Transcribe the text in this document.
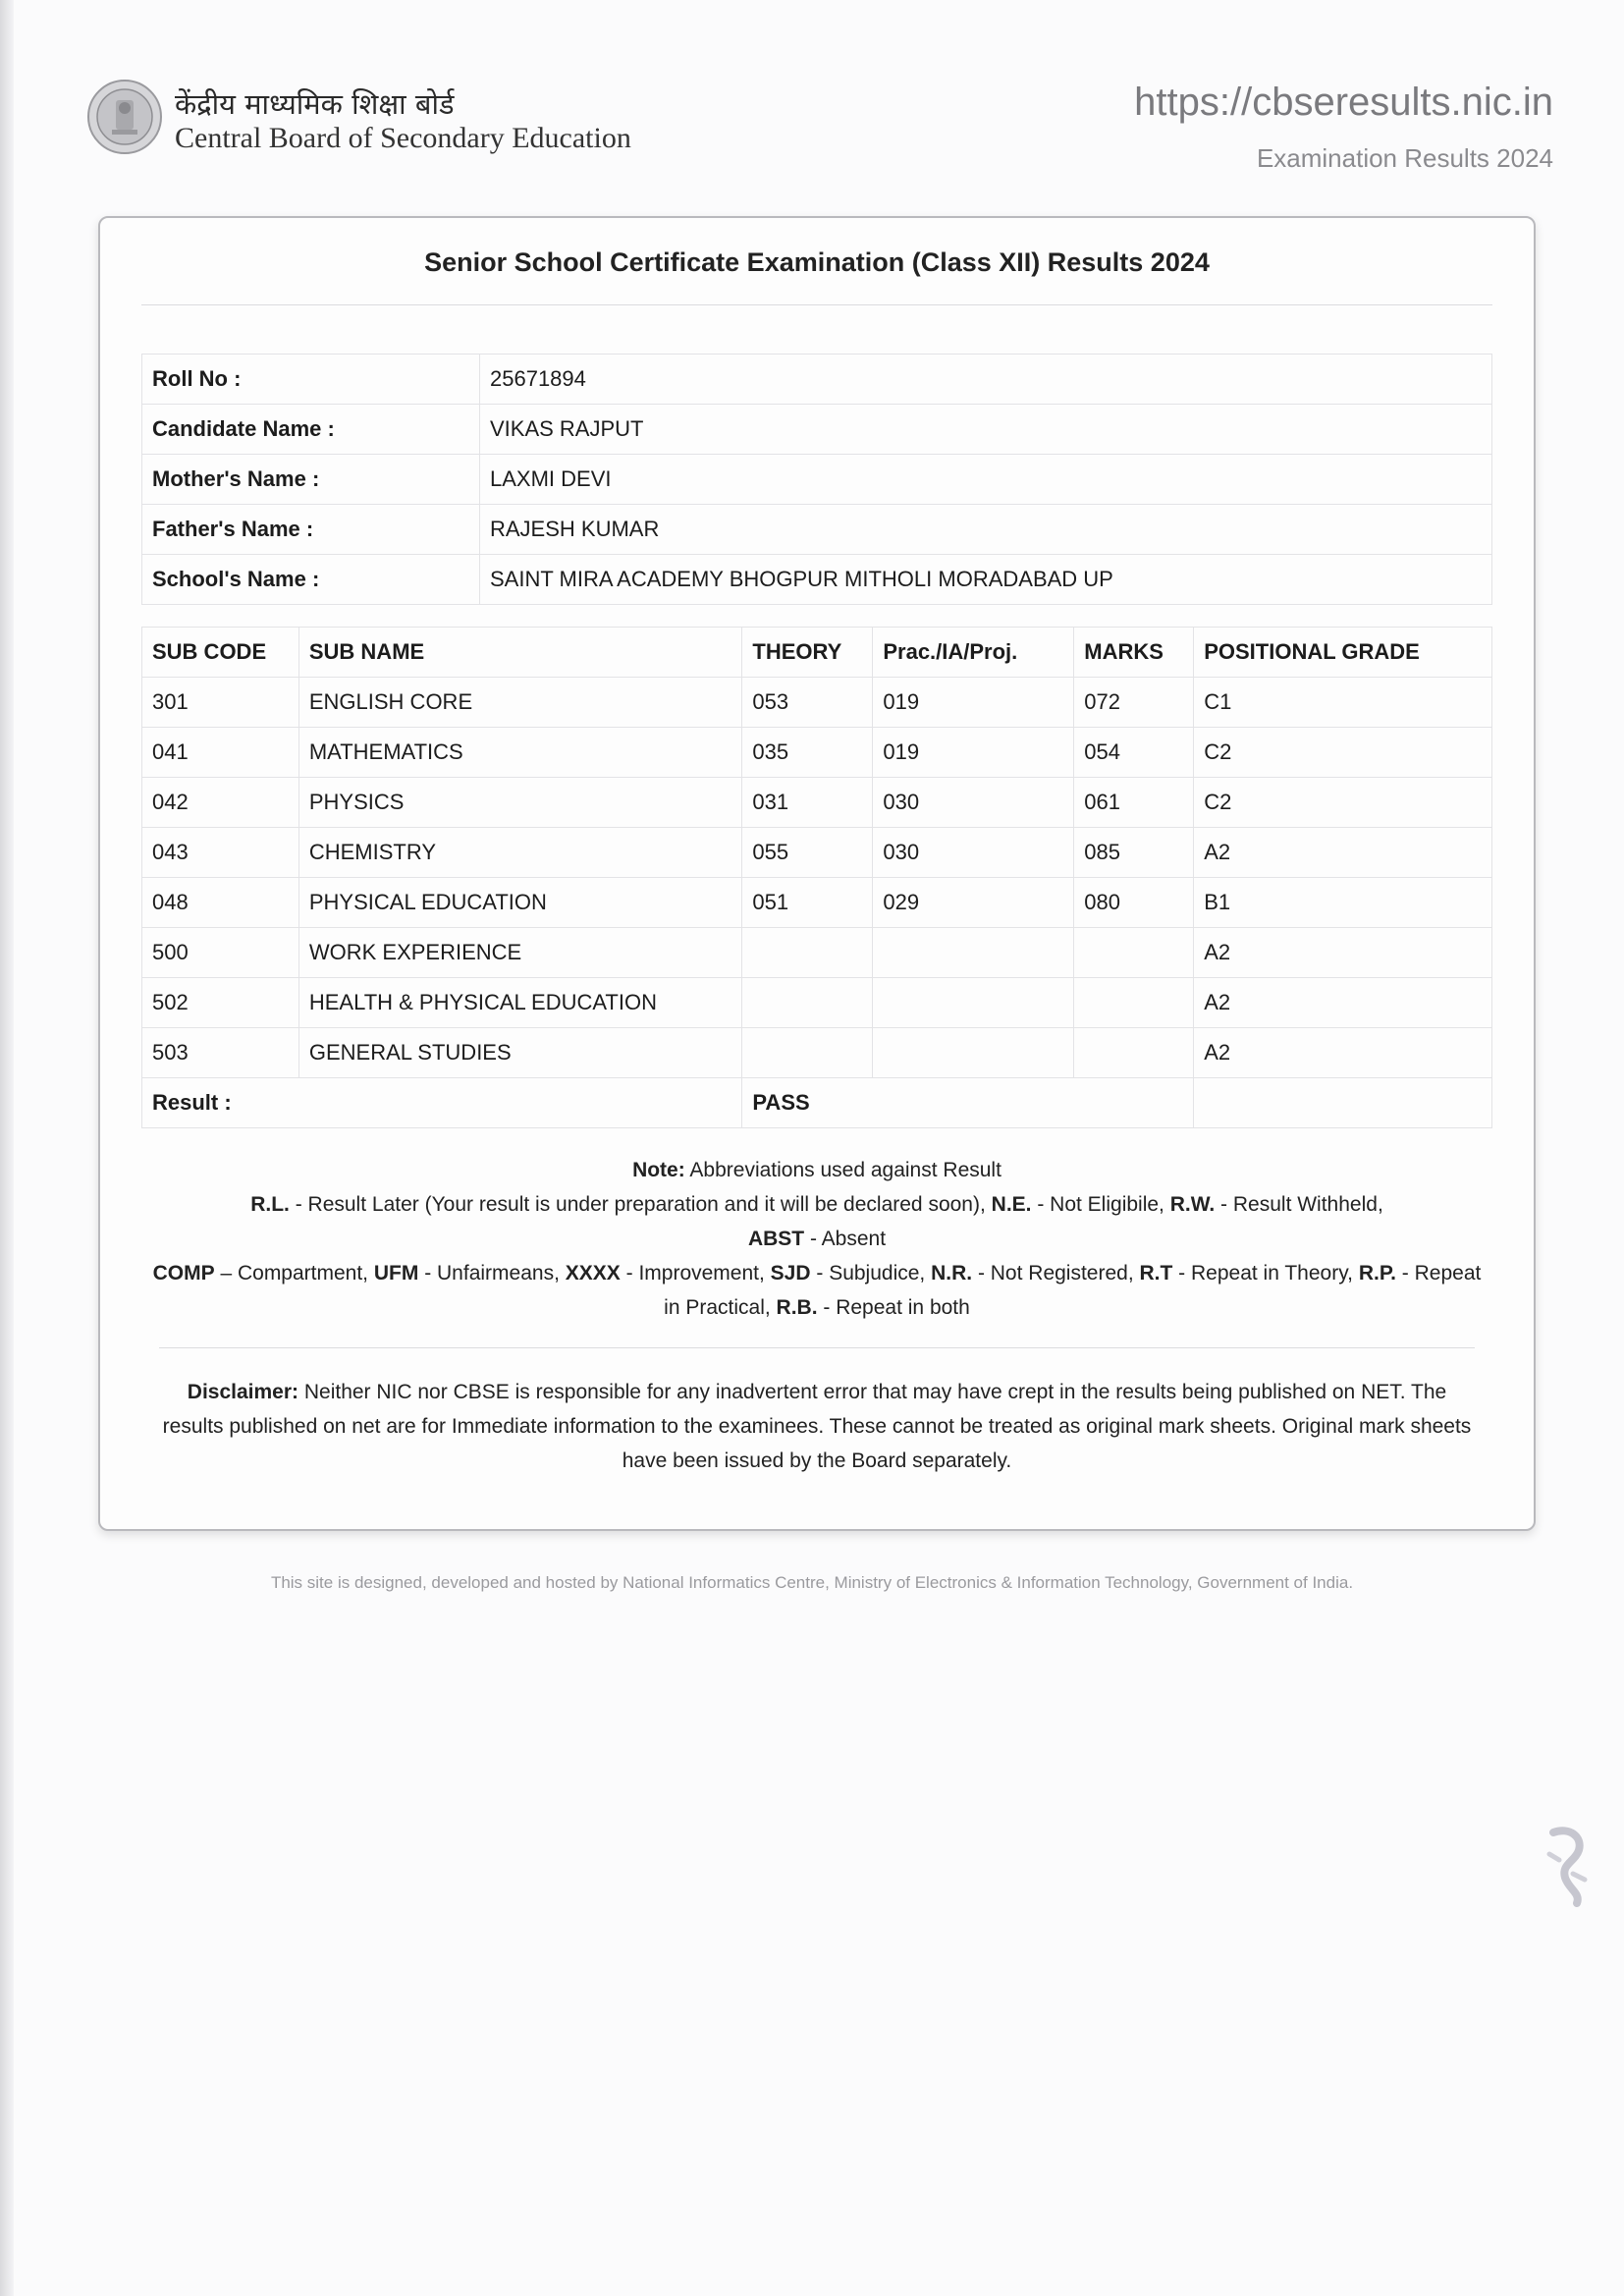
केंद्रीय माध्यमिक शिक्षा बोर्ड
Central Board of Secondary Education
https://cbseresults.nic.in
Examination Results 2024
Senior School Certificate Examination (Class XII) Results 2024
Roll No :	25671894
Candidate Name :	VIKAS RAJPUT
Mother's Name :	LAXMI DEVI
Father's Name :	RAJESH KUMAR
School's Name :	SAINT MIRA ACADEMY BHOGPUR MITHOLI MORADABAD UP
SUB CODE	SUB NAME	THEORY	Prac./IA/Proj.	MARKS	POSITIONAL GRADE
301	ENGLISH CORE	053	019	072	C1
041	MATHEMATICS	035	019	054	C2
042	PHYSICS	031	030	061	C2
043	CHEMISTRY	055	030	085	A2
048	PHYSICAL EDUCATION	051	029	080	B1
500	WORK EXPERIENCE				A2
502	HEALTH & PHYSICAL EDUCATION				A2
503	GENERAL STUDIES				A2
Result :		PASS			
Note: Abbreviations used against Result
R.L. - Result Later (Your result is under preparation and it will be declared soon), N.E. - Not Eligibile, R.W. - Result Withheld,
ABST - Absent
COMP – Compartment, UFM - Unfairmeans, XXXX - Improvement, SJD - Subjudice, N.R. - Not Registered, R.T - Repeat in Theory, R.P. - Repeat in Practical, R.B. - Repeat in both
Disclaimer: Neither NIC nor CBSE is responsible for any inadvertent error that may have crept in the results being published on NET. The results published on net are for Immediate information to the examinees. These cannot be treated as original mark sheets. Original mark sheets have been issued by the Board separately.
This site is designed, developed and hosted by National Informatics Centre, Ministry of Electronics & Information Technology, Government of India.
